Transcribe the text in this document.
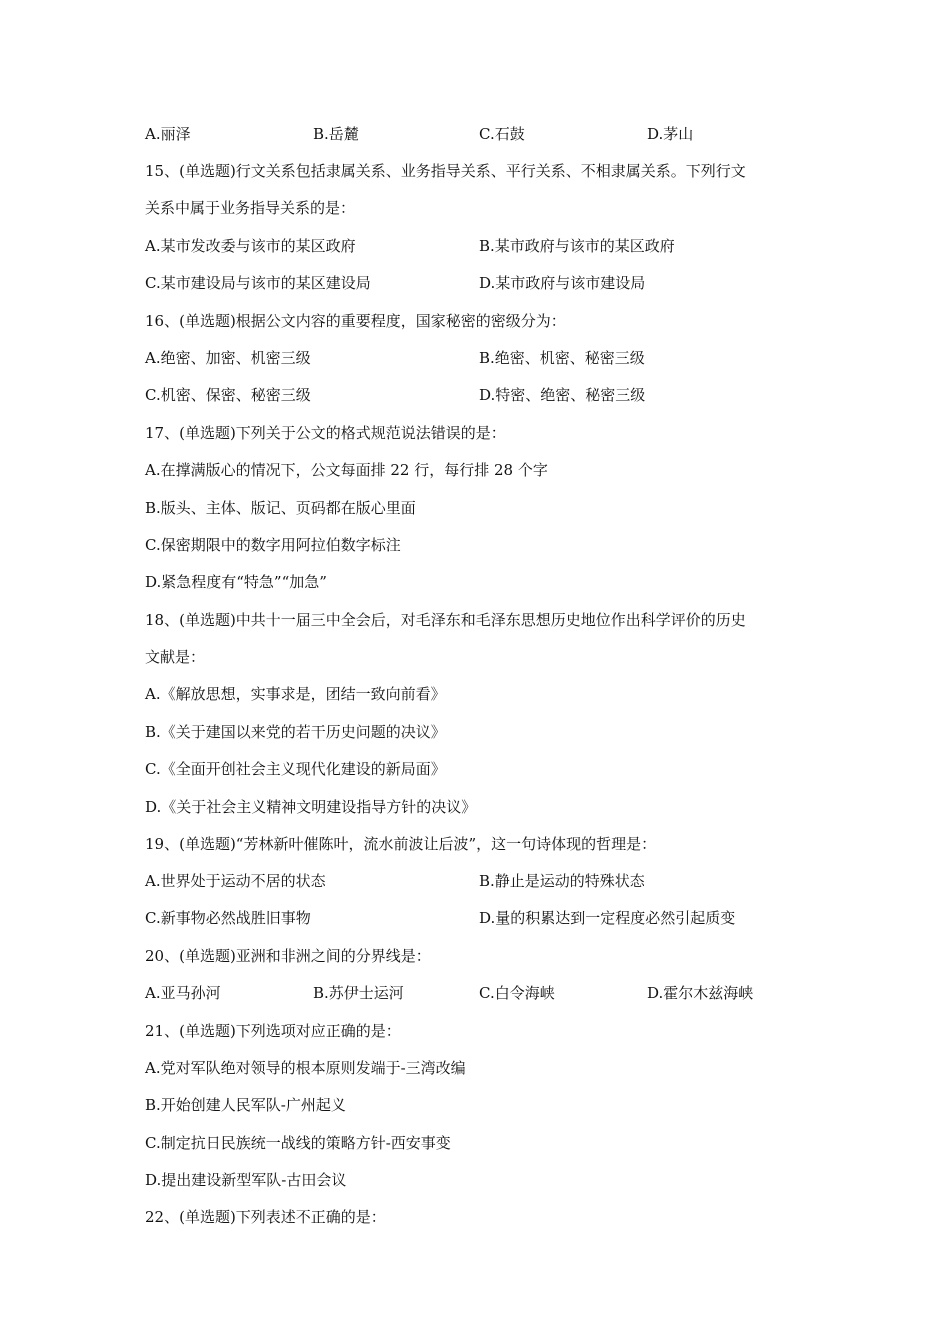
A.丽泽	B.岳麓	C.石鼓	D.茅山
15、(单选题)行文关系包括隶属关系、业务指导关系、平行关系、不相隶属关系。下列行文
关系中属于业务指导关系的是：
A.某市发改委与该市的某区政府	B.某市政府与该市的某区政府
C.某市建设局与该市的某区建设局	D.某市政府与该市建设局
16、(单选题)根据公文内容的重要程度，国家秘密的密级分为：
A.绝密、加密、机密三级	B.绝密、机密、秘密三级
C.机密、保密、秘密三级	D.特密、绝密、秘密三级
17、(单选题)下列关于公文的格式规范说法错误的是：
A.在撑满版心的情况下，公文每面排 22 行，每行排 28 个字
B.版头、主体、版记、页码都在版心里面
C.保密期限中的数字用阿拉伯数字标注
D.紧急程度有“特急”“加急”
18、(单选题)中共十一届三中全会后，对毛泽东和毛泽东思想历史地位作出科学评价的历史
文献是：
A.《解放思想，实事求是，团结一致向前看》
B.《关于建国以来党的若干历史问题的决议》
C.《全面开创社会主义现代化建设的新局面》
D.《关于社会主义精神文明建设指导方针的决议》
19、(单选题)“芳林新叶催陈叶，流水前波让后波”，这一句诗体现的哲理是：
A.世界处于运动不居的状态	B.静止是运动的特殊状态
C.新事物必然战胜旧事物	D.量的积累达到一定程度必然引起质变
20、(单选题)亚洲和非洲之间的分界线是：
A.亚马孙河	B.苏伊士运河	C.白令海峡	D.霍尔木兹海峡
21、(单选题)下列选项对应正确的是：
A.党对军队绝对领导的根本原则发端于-三湾改编
B.开始创建人民军队-广州起义
C.制定抗日民族统一战线的策略方针-西安事变
D.提出建设新型军队-古田会议
22、(单选题)下列表述不正确的是：
